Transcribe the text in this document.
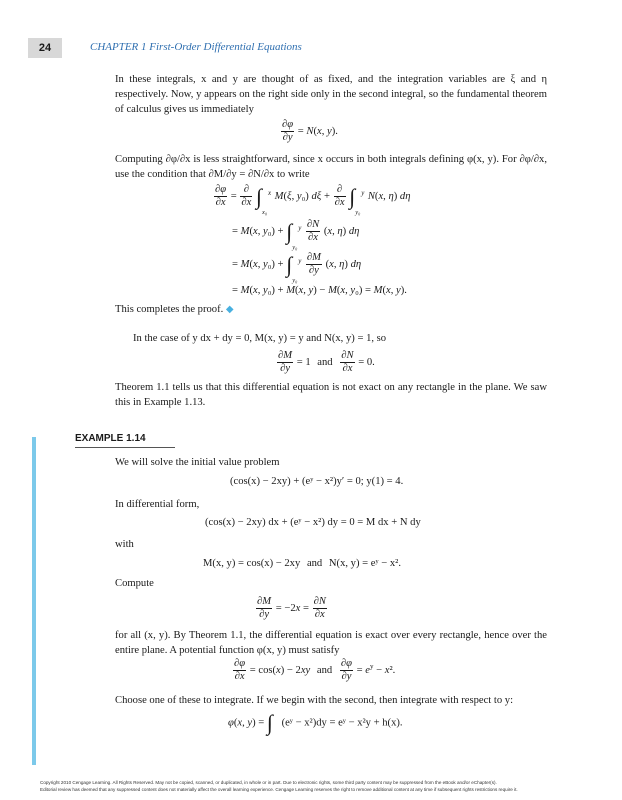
24	CHAPTER 1 First-Order Differential Equations

In these integrals, x and y are thought of as fixed, and the integration variables are ξ and η respectively. Now, y appears on the right side only in the second integral, so the fundamental theorem of calculus gives us immediately

$\frac{\partial\varphi}{\partial y} = N(x$, y).

Computing ∂φ/∂x is less straightforward, since x occurs in both integrals defining φ(x, y). For ∂φ/∂x, use the condition that ∂M/∂y = ∂N/∂x to write

$\frac{\partial\varphi}{\partial x} = \frac{\partial}{\partial x}$ ∫ x
x₀
M(ξ, y₀) $d\xi + \frac{\partial}{\partial x}$ ∫ y
y₀
N(x, η) dη
= M(x, y₀) + ∫ y
y₀

$\frac{\partial N}{\partial x} (x$, η) dη
= M(x, y₀) + ∫ y
y₀

$\frac{\partial M}{\partial y} (x$, η) dη
= M(x, y₀) + M(x, y) − M(x, y₀) = M(x, y).
This completes the proof. ◆

In the case of y dx + dy = 0, M(x, y) = y and N(x, y) = 1, so

$\frac{\partial M}{\partial y} = 1$ and $\frac{\partial N}{\partial x} = 0$.

Theorem 1.1 tells us that this differential equation is not exact on any rectangle in the plane. We saw this in Example 1.13.

EXAMPLE 1.14

We will solve the initial value problem

(cos(x) − 2xy) + (eʸ − x²)y′ = 0; y(1) = 4.

In differential form,

(cos(x) − 2xy) dx + (eʸ − x²) dy = 0 = M dx + N dy

with

M(x, y) = cos(x) − 2xy and N(x, y) = eʸ − x².

Compute

$\frac{\partial M}{\partial y} = -2x = \frac{\partial N}{\partial x}$

for all (x, y). By Theorem 1.1, the differential equation is exact over every rectangle, hence over the entire plane. A potential function φ(x, y) must satisfy

$\frac{\partial\varphi}{\partial x} = \cos(x) - 2xy$ and $\frac{\partial\varphi}{\partial y} = e^y - x^2$.

Choose one of these to integrate. If we begin with the second, then integrate with respect to y:

φ(x, y) = ∫ (eʸ − x²)dy = eʸ − x²y + h(x).
Copyright 2010 Cengage Learning. All Rights Reserved. May not be copied, scanned, or duplicated, in whole or in part. Due to electronic rights, some third party content may be suppressed from the eBook and/or eChapter(s).
Editorial review has deemed that any suppressed content does not materially affect the overall learning experience. Cengage Learning reserves the right to remove additional content at any time if subsequent rights restrictions require it.
